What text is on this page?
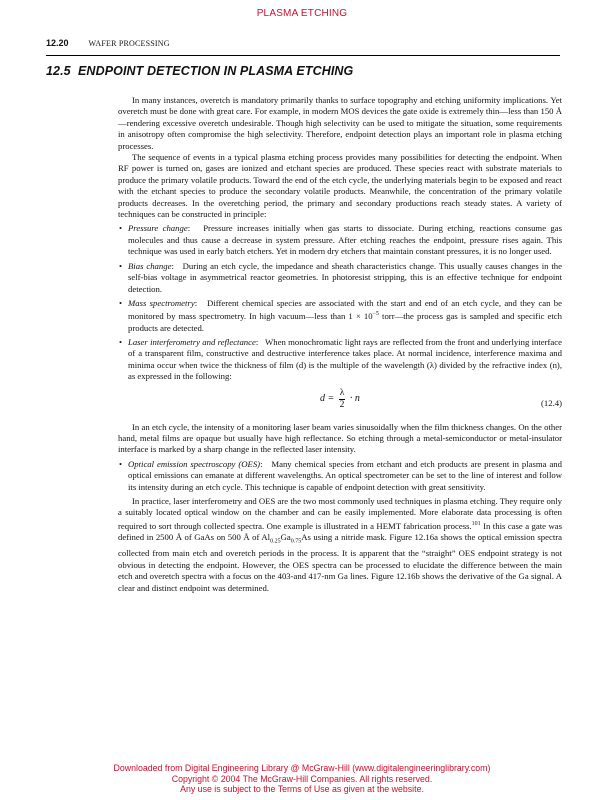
PLASMA ETCHING
12.20 WAFER PROCESSING
12.5 ENDPOINT DETECTION IN PLASMA ETCHING

In many instances, overetch is mandatory primarily thanks to surface topography and etching uniformity implications. Yet overetch must be done with great care. For example, in modern MOS devices the gate oxide is extremely thin—less than 150 Å—rendering excessive overetch undesirable. Though high selectivity can be used to mitigate the situation, some requirements in anisotropy often compromise the high selectivity. Therefore, endpoint detection plays an important role in plasma etching processes.

The sequence of events in a typical plasma etching process provides many possibilities for detecting the endpoint. When RF power is turned on, gases are ionized and etchant species are produced. These species react with substrate materials to produce the primary volatile products. Toward the end of the etch cycle, the underlying materials begin to be exposed and react with the etchant species to produce the secondary volatile products. Meanwhile, the concentration of the primary volatile products decreases. In the overetching period, the primary and secondary productions reach steady states. A variety of techniques can be constructed in principle:

• Pressure change:   Pressure increases initially when gas starts to dissociate. During etching, reactions consume gas molecules and thus cause a decrease in system pressure. After etching reaches the endpoint, pressure rises again. This technique was used in early batch etchers. Yet in modern dry etchers that maintain constant pressures, it is no longer used.
• Bias change:   During an etch cycle, the impedance and sheath characteristics change. This usually causes changes in the self-bias voltage in asymmetrical reactor geometries. In photoresist stripping, this is an effective technique for endpoint detection.
• Mass spectrometry:   Different chemical species are associated with the start and end of an etch cycle, and they can be monitored by mass spectrometry. In high vacuum—less than $1 \times 10^{-5}$ torr—the process gas is sampled and specific etch products are detected.
• Laser interferometry and reflectance:   When monochromatic light rays are reflected from the front and underlying interface of a transparent film, constructive and destructive interference takes place. At normal incidence, interference maxima and minima occur when twice the thickness of film (d) is the multiple of the wavelength (λ) divided by the refractive index (n), as expressed in the following:
$d = \frac{\lambda}{2} \cdot n$	(12.4)

In an etch cycle, the intensity of a monitoring laser beam varies sinusoidally when the film thickness changes. On the other hand, metal films are opaque but usually have high reflectance. So etching through a metal-semiconductor or metal-insulator interface is marked by a sharp change in the reflected laser intensity.

• Optical emission spectroscopy (OES):   Many chemical species from etchant and etch products are present in plasma and optical emissions can emanate at different wavelengths. An optical spectrometer can be set to the line of interest and follow its intensity during an etch cycle. This technique is capable of endpoint detection with great sensitivity.

In practice, laser interferometry and OES are the two most commonly used techniques in plasma etching. They require only a suitably located optical window on the chamber and can be easily implemented. More elaborate data processing is often required to sort through collected spectra. One example is illustrated in a HEMT fabrication process.$^{101}$ In this case a gate was defined in 2500 Å of GaAs on 500 Å of $Al_{0.25}Ga_{0.75}As$ using a nitride mask. Figure 12.16a shows the optical emission spectra collected from main etch and overetch periods in the process. It is apparent that the “straight” OES endpoint strategy is not obvious in detecting the endpoint. However, the OES spectra can be processed to elucidate the difference between the main etch and overetch spectra with a focus on the 403-and 417-nm Ga lines. Figure 12.16b shows the derivative of the Ga signal. A clear and distinct endpoint was determined.

Downloaded from Digital Engineering Library @ McGraw-Hill (www.digitalengineeringlibrary.com)
Copyright © 2004 The McGraw-Hill Companies. All rights reserved.
Any use is subject to the Terms of Use as given at the website.
